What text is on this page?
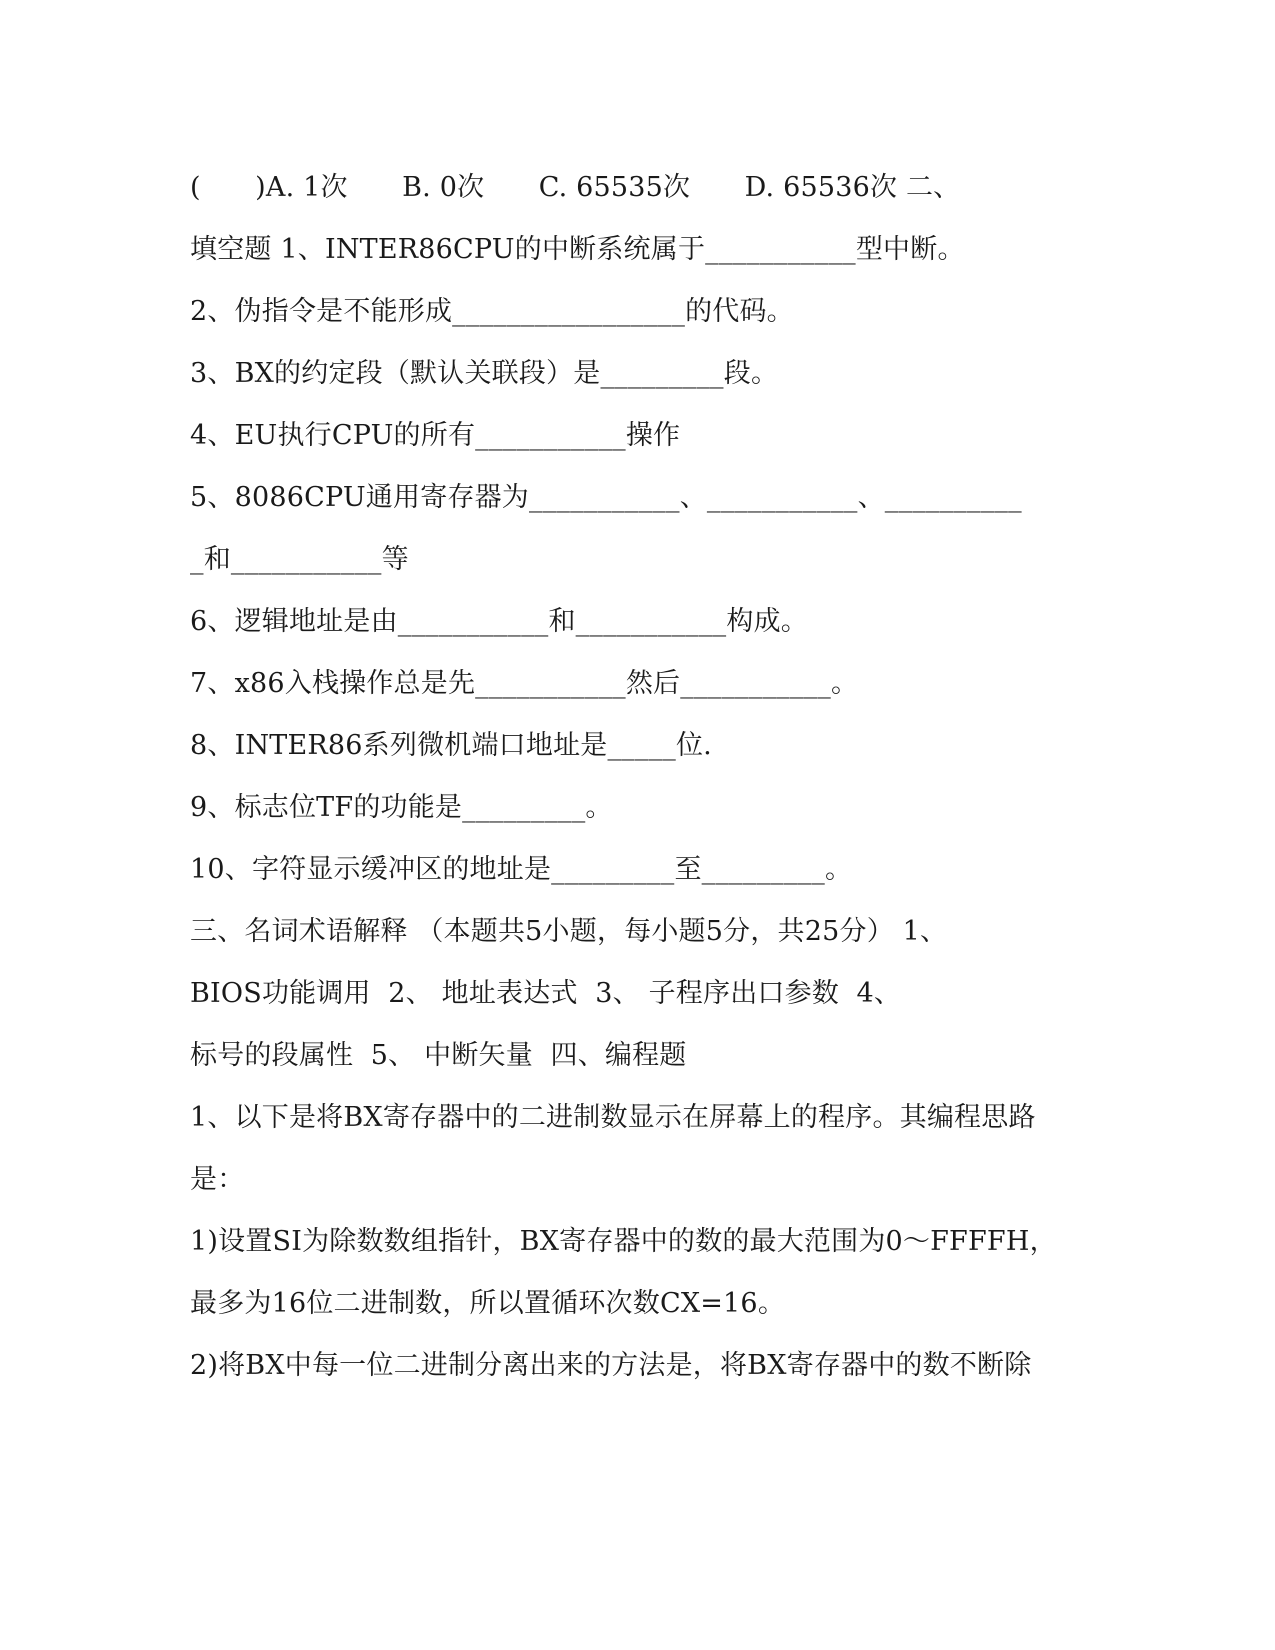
(　　)A. 1次　　B. 0次　　C. 65535次　　D. 65536次 二、
填空题 1、INTER86CPU的中断系统属于___________型中断。
2、伪指令是不能形成_________________的代码。
3、BX的约定段（默认关联段）是_________段。
4、EU执行CPU的所有___________操作
5、8086CPU通用寄存器为___________、___________、__________
_和___________等
6、逻辑地址是由___________和___________构成。
7、x86入栈操作总是先___________然后___________。
8、INTER86系列微机端口地址是_____位.
9、标志位TF的功能是_________。
10、字符显示缓冲区的地址是_________至_________。
三、名词术语解释 （本题共5小题，每小题5分，共25分） 1、
BIOS功能调用  2、 地址表达式  3、 子程序出口参数  4、
标号的段属性  5、 中断矢量  四、编程题
1、以下是将BX寄存器中的二进制数显示在屏幕上的程序。其编程思路
是：
1)设置SI为除数数组指针，BX寄存器中的数的最大范围为0～FFFFH，
最多为16位二进制数，所以置循环次数CX=16。
2)将BX中每一位二进制分离出来的方法是，将BX寄存器中的数不断除
